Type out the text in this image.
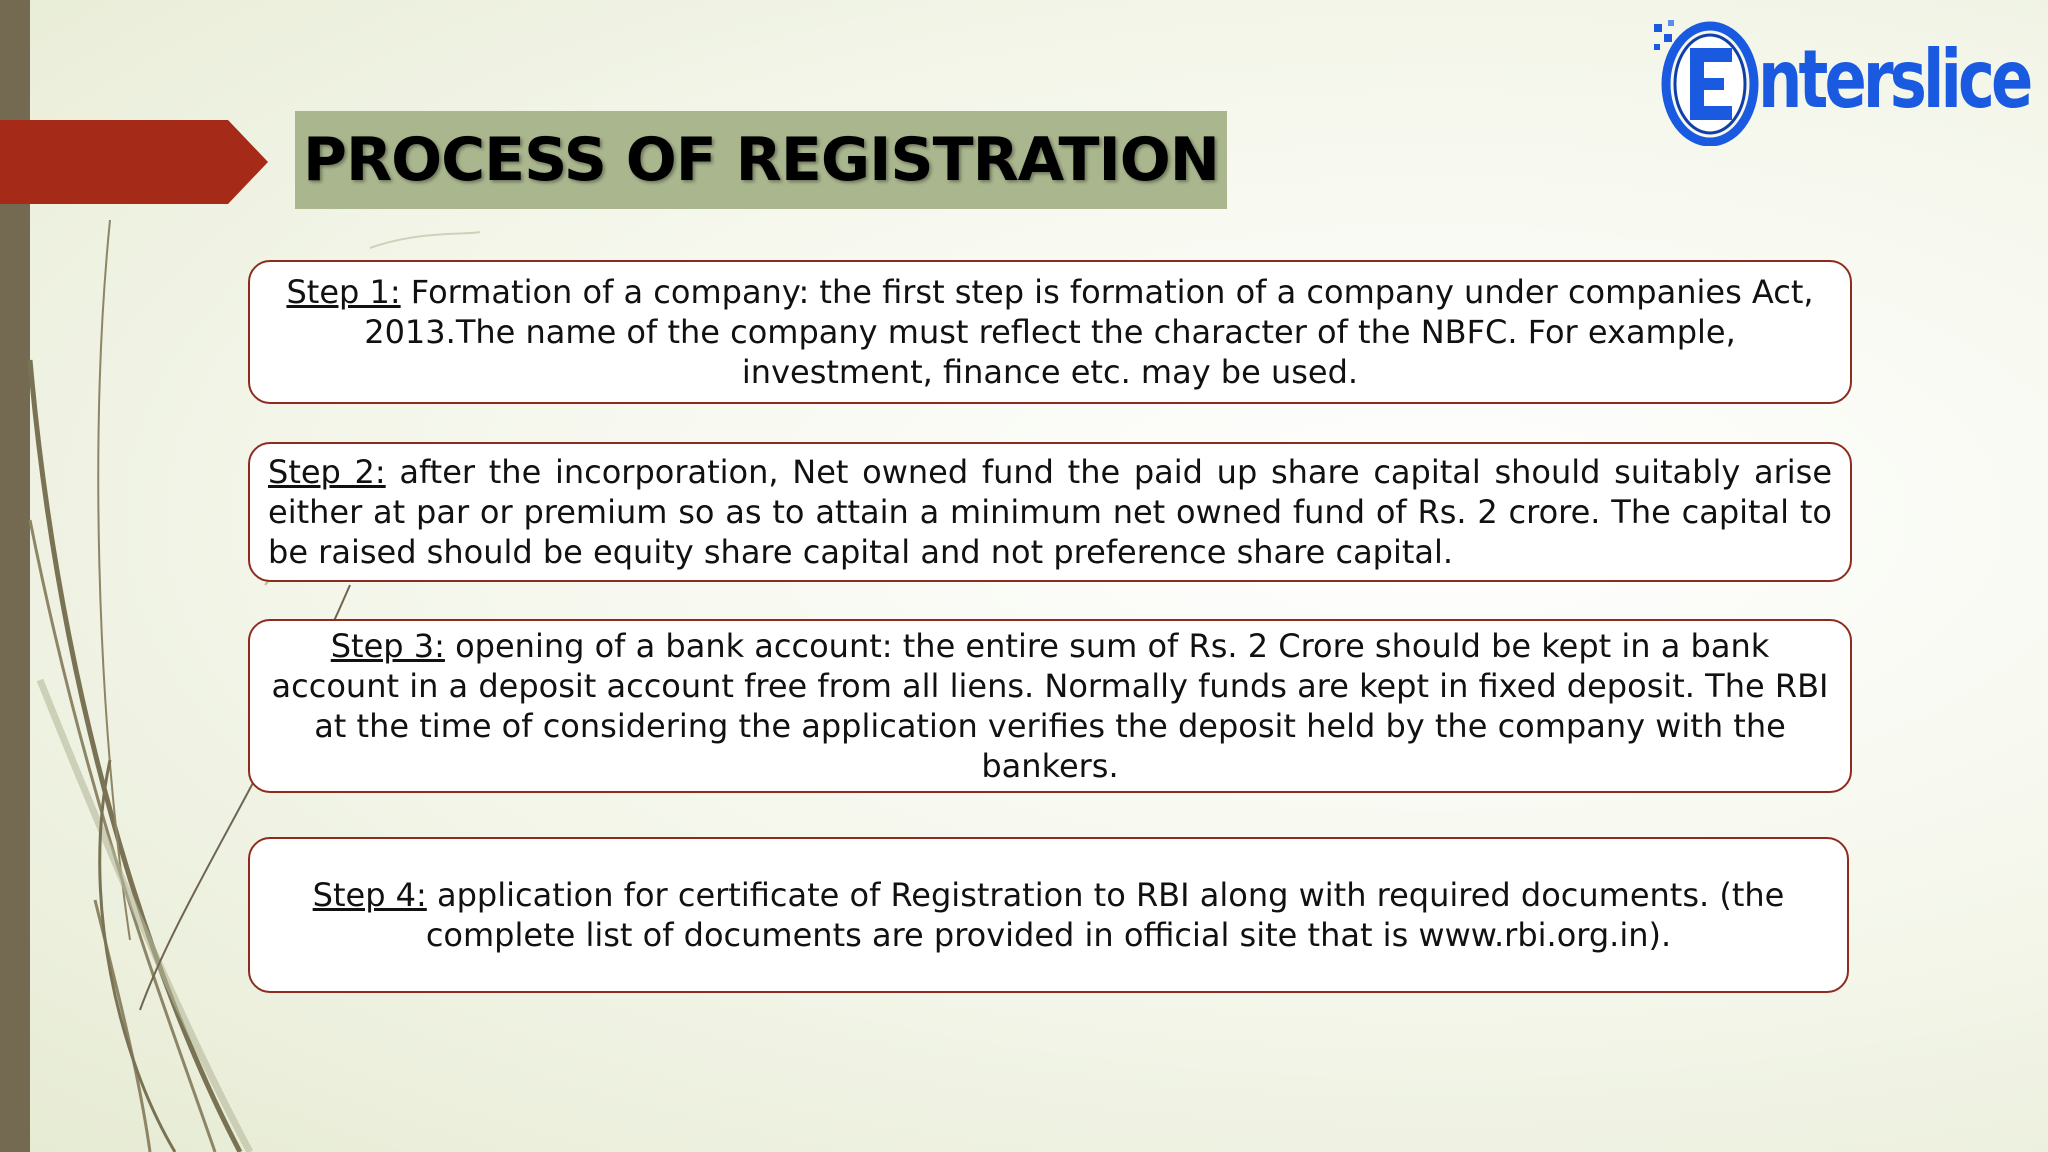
PROCESS OF REGISTRATION
nterslice

Step 1: Formation of a company: the first step is formation of a company under companies Act, 2013.The name of the company must reflect the character of the NBFC. For example, investment, finance etc. may be used.

Step 2: after the incorporation, Net owned fund the paid up share capital should suitably arise either at par or premium so as to attain a minimum net owned fund of Rs. 2 crore. The capital to be raised should be equity share capital and not preference share capital.

Step 3: opening of a bank account: the entire sum of Rs. 2 Crore should be kept in a bank account in a deposit account free from all liens. Normally funds are kept in fixed deposit. The RBI at the time of considering the application verifies the deposit held by the company with the bankers.

Step 4: application for certificate of Registration to RBI along with required documents. (the complete list of documents are provided in official site that is www.rbi.org.in).
